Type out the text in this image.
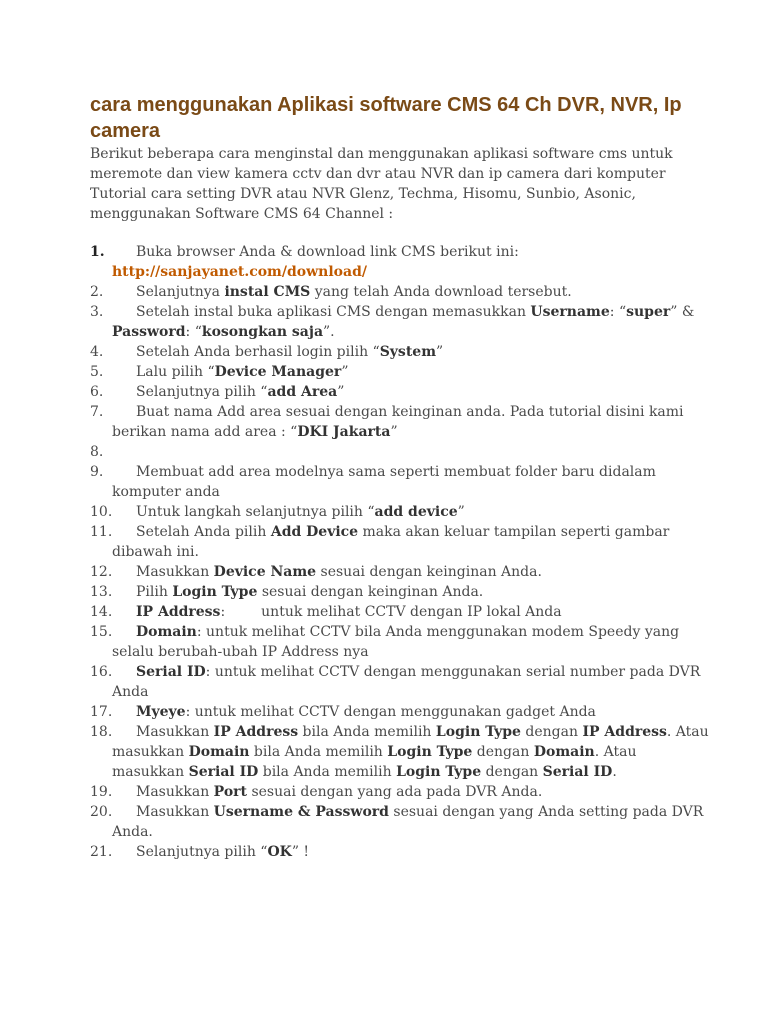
cara menggunakan Aplikasi software CMS 64 Ch DVR, NVR, Ip camera

Berikut beberapa cara menginstal dan menggunakan aplikasi software cms untuk meremote dan view kamera cctv dan dvr atau NVR dan ip camera dari komputer Tutorial cara setting DVR atau NVR Glenz, Techma, Hisomu, Sunbio, Asonic, menggunakan Software CMS 64 Channel :

1.	Buka browser Anda & download link CMS berikut ini: http://sanjayanet.com/download/
2.	Selanjutnya instal CMS yang telah Anda download tersebut.
3.	Setelah instal buka aplikasi CMS dengan memasukkan Username: “super” & Password: “kosongkan saja”.
4.	Setelah Anda berhasil login pilih “System”
5.	Lalu pilih “Device Manager”
6.	Selanjutnya pilih “add Area”
7.	Buat nama Add area sesuai dengan keinginan anda. Pada tutorial disini kami berikan nama add area : “DKI Jakarta”
8.

9.	Membuat add area modelnya sama seperti membuat folder baru didalam komputer anda
10.	Untuk langkah selanjutnya pilih “add device”
11.	Setelah Anda pilih Add Device maka akan keluar tampilan seperti gambar dibawah ini.
12.	Masukkan Device Name sesuai dengan keinginan Anda.
13.	Pilih Login Type sesuai dengan keinginan Anda.
14.	IP Address:	untuk melihat CCTV dengan IP lokal Anda
15.	Domain: untuk melihat CCTV bila Anda menggunakan modem Speedy yang selalu berubah-ubah IP Address nya
16.	Serial ID: untuk melihat CCTV dengan menggunakan serial number pada DVR Anda
17.	Myeye: untuk melihat CCTV dengan menggunakan gadget Anda
18.	Masukkan IP Address bila Anda memilih Login Type dengan IP Address. Atau masukkan Domain bila Anda memilih Login Type dengan Domain. Atau masukkan Serial ID bila Anda memilih Login Type dengan Serial ID.
19.	Masukkan Port sesuai dengan yang ada pada DVR Anda.
20.	Masukkan Username & Password sesuai dengan yang Anda setting pada DVR Anda.
21.	Selanjutnya pilih “OK” !
